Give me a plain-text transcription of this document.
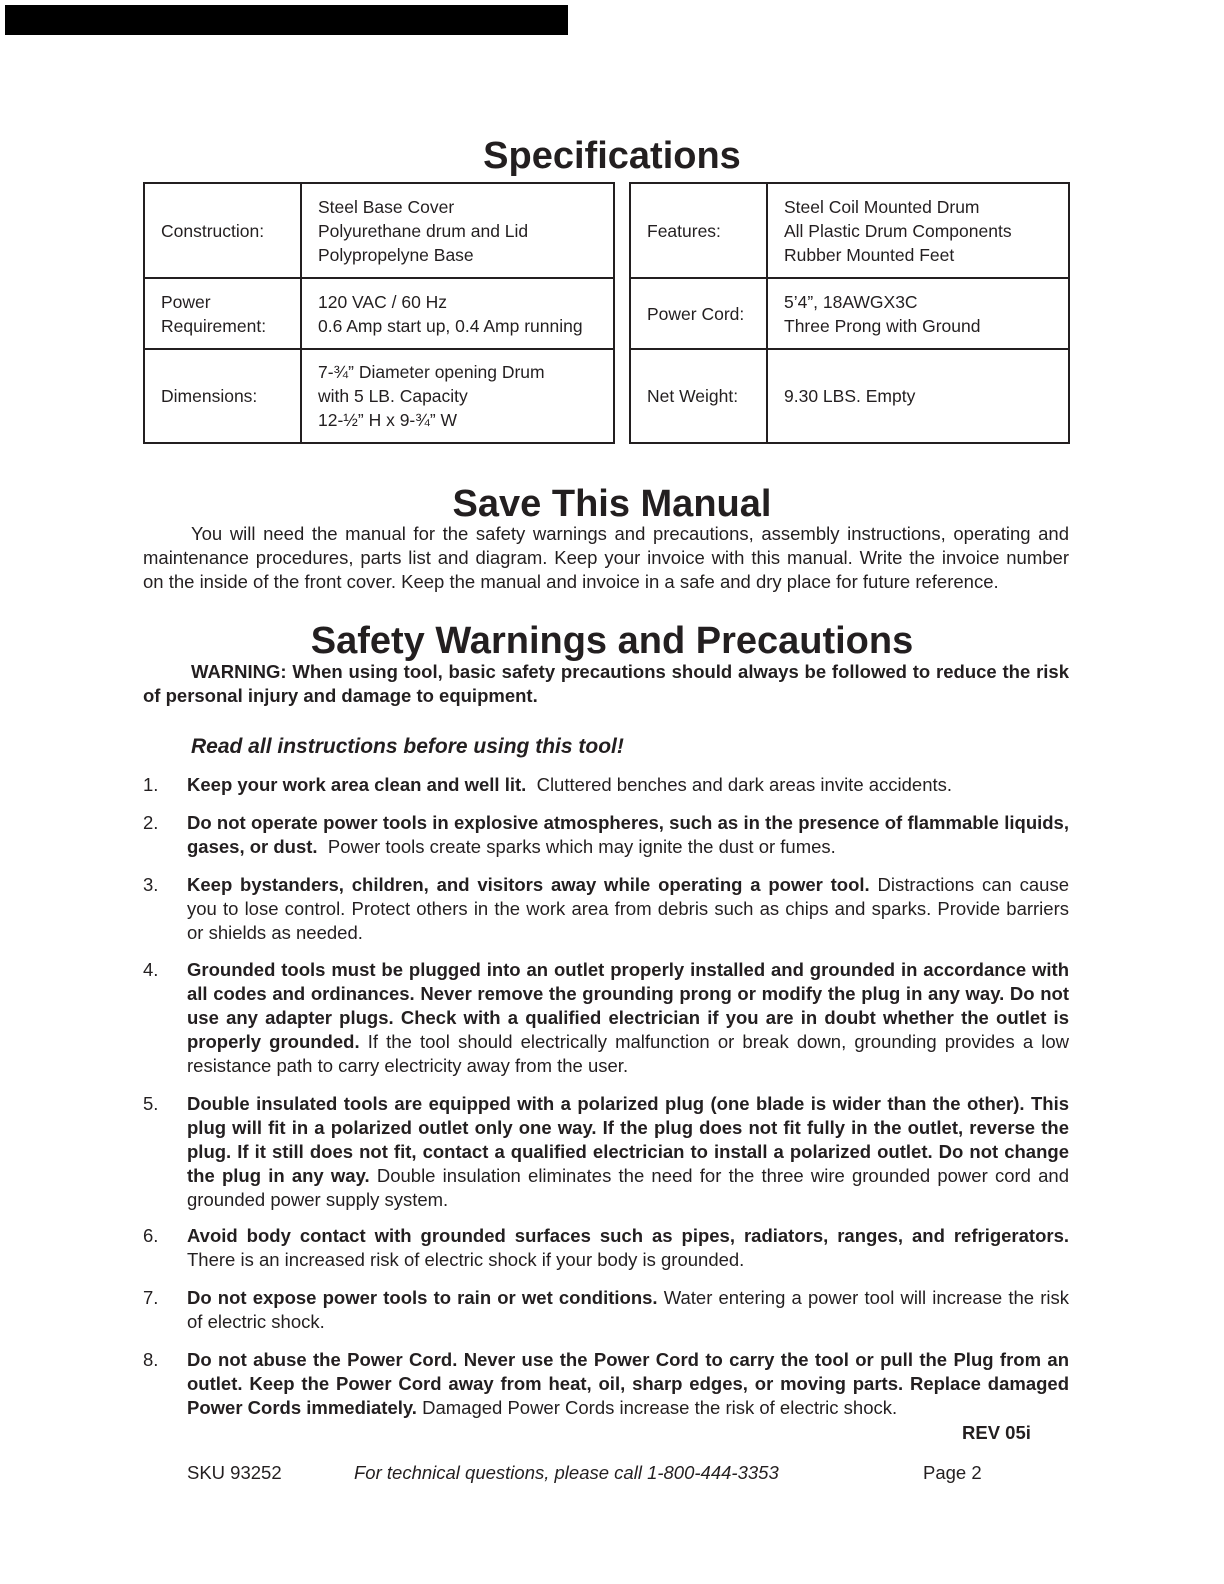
Specifications
Construction:	Steel Base Cover
Polyurethane drum and Lid
Polypropelyne Base

Power
Requirement:	120 VAC / 60 Hz
0.6 Amp start up, 0.4 Amp running

Dimensions:	7-¾” Diameter opening Drum
with 5 LB. Capacity
12-½” H x 9-¾” W
Features:	Steel Coil Mounted Drum
All Plastic Drum Components
Rubber Mounted Feet

Power Cord:	5’4”, 18AWGX3C
Three Prong with Ground

Net Weight:	9.30 LBS. Empty
Save This Manual

You will need the manual for the safety warnings and precautions, assembly instructions, operating and maintenance procedures, parts list and diagram. Keep your invoice with this manual. Write the invoice number on the inside of the front cover. Keep the manual and invoice in a safe and dry place for future reference.

Safety Warnings and Precautions

WARNING: When using tool, basic safety precautions should always be followed to reduce the risk of personal injury and damage to equipment.

Read all instructions before using this tool!
1.	Keep your work area clean and well lit. Cluttered benches and dark areas invite accidents.
2.	Do not operate power tools in explosive atmospheres, such as in the presence of flammable liquids, gases, or dust. Power tools create sparks which may ignite the dust or fumes.
3.	Keep bystanders, children, and visitors away while operating a power tool. Distractions can cause you to lose control. Protect others in the work area from debris such as chips and sparks. Provide barriers or shields as needed.
4.	Grounded tools must be plugged into an outlet properly installed and grounded in accordance with all codes and ordinances. Never remove the grounding prong or modify the plug in any way. Do not use any adapter plugs. Check with a qualified electrician if you are in doubt whether the outlet is properly grounded. If the tool should electrically malfunction or break down, grounding provides a low resistance path to carry electricity away from the user.
5.	Double insulated tools are equipped with a polarized plug (one blade is wider than the other). This plug will fit in a polarized outlet only one way. If the plug does not fit fully in the outlet, reverse the plug. If it still does not fit, contact a qualified electrician to install a polarized outlet. Do not change the plug in any way. Double insulation eliminates the need for the three wire grounded power cord and grounded power supply system.
6.	Avoid body contact with grounded surfaces such as pipes, radiators, ranges, and refrigerators. There is an increased risk of electric shock if your body is grounded.
7.	Do not expose power tools to rain or wet conditions. Water entering a power tool will increase the risk of electric shock.
8.	Do not abuse the Power Cord. Never use the Power Cord to carry the tool or pull the Plug from an outlet. Keep the Power Cord away from heat, oil, sharp edges, or moving parts. Replace damaged Power Cords immediately. Damaged Power Cords increase the risk of electric shock.
REV 05i
SKU 93252	For technical questions, please call 1-800-444-3353	Page 2
